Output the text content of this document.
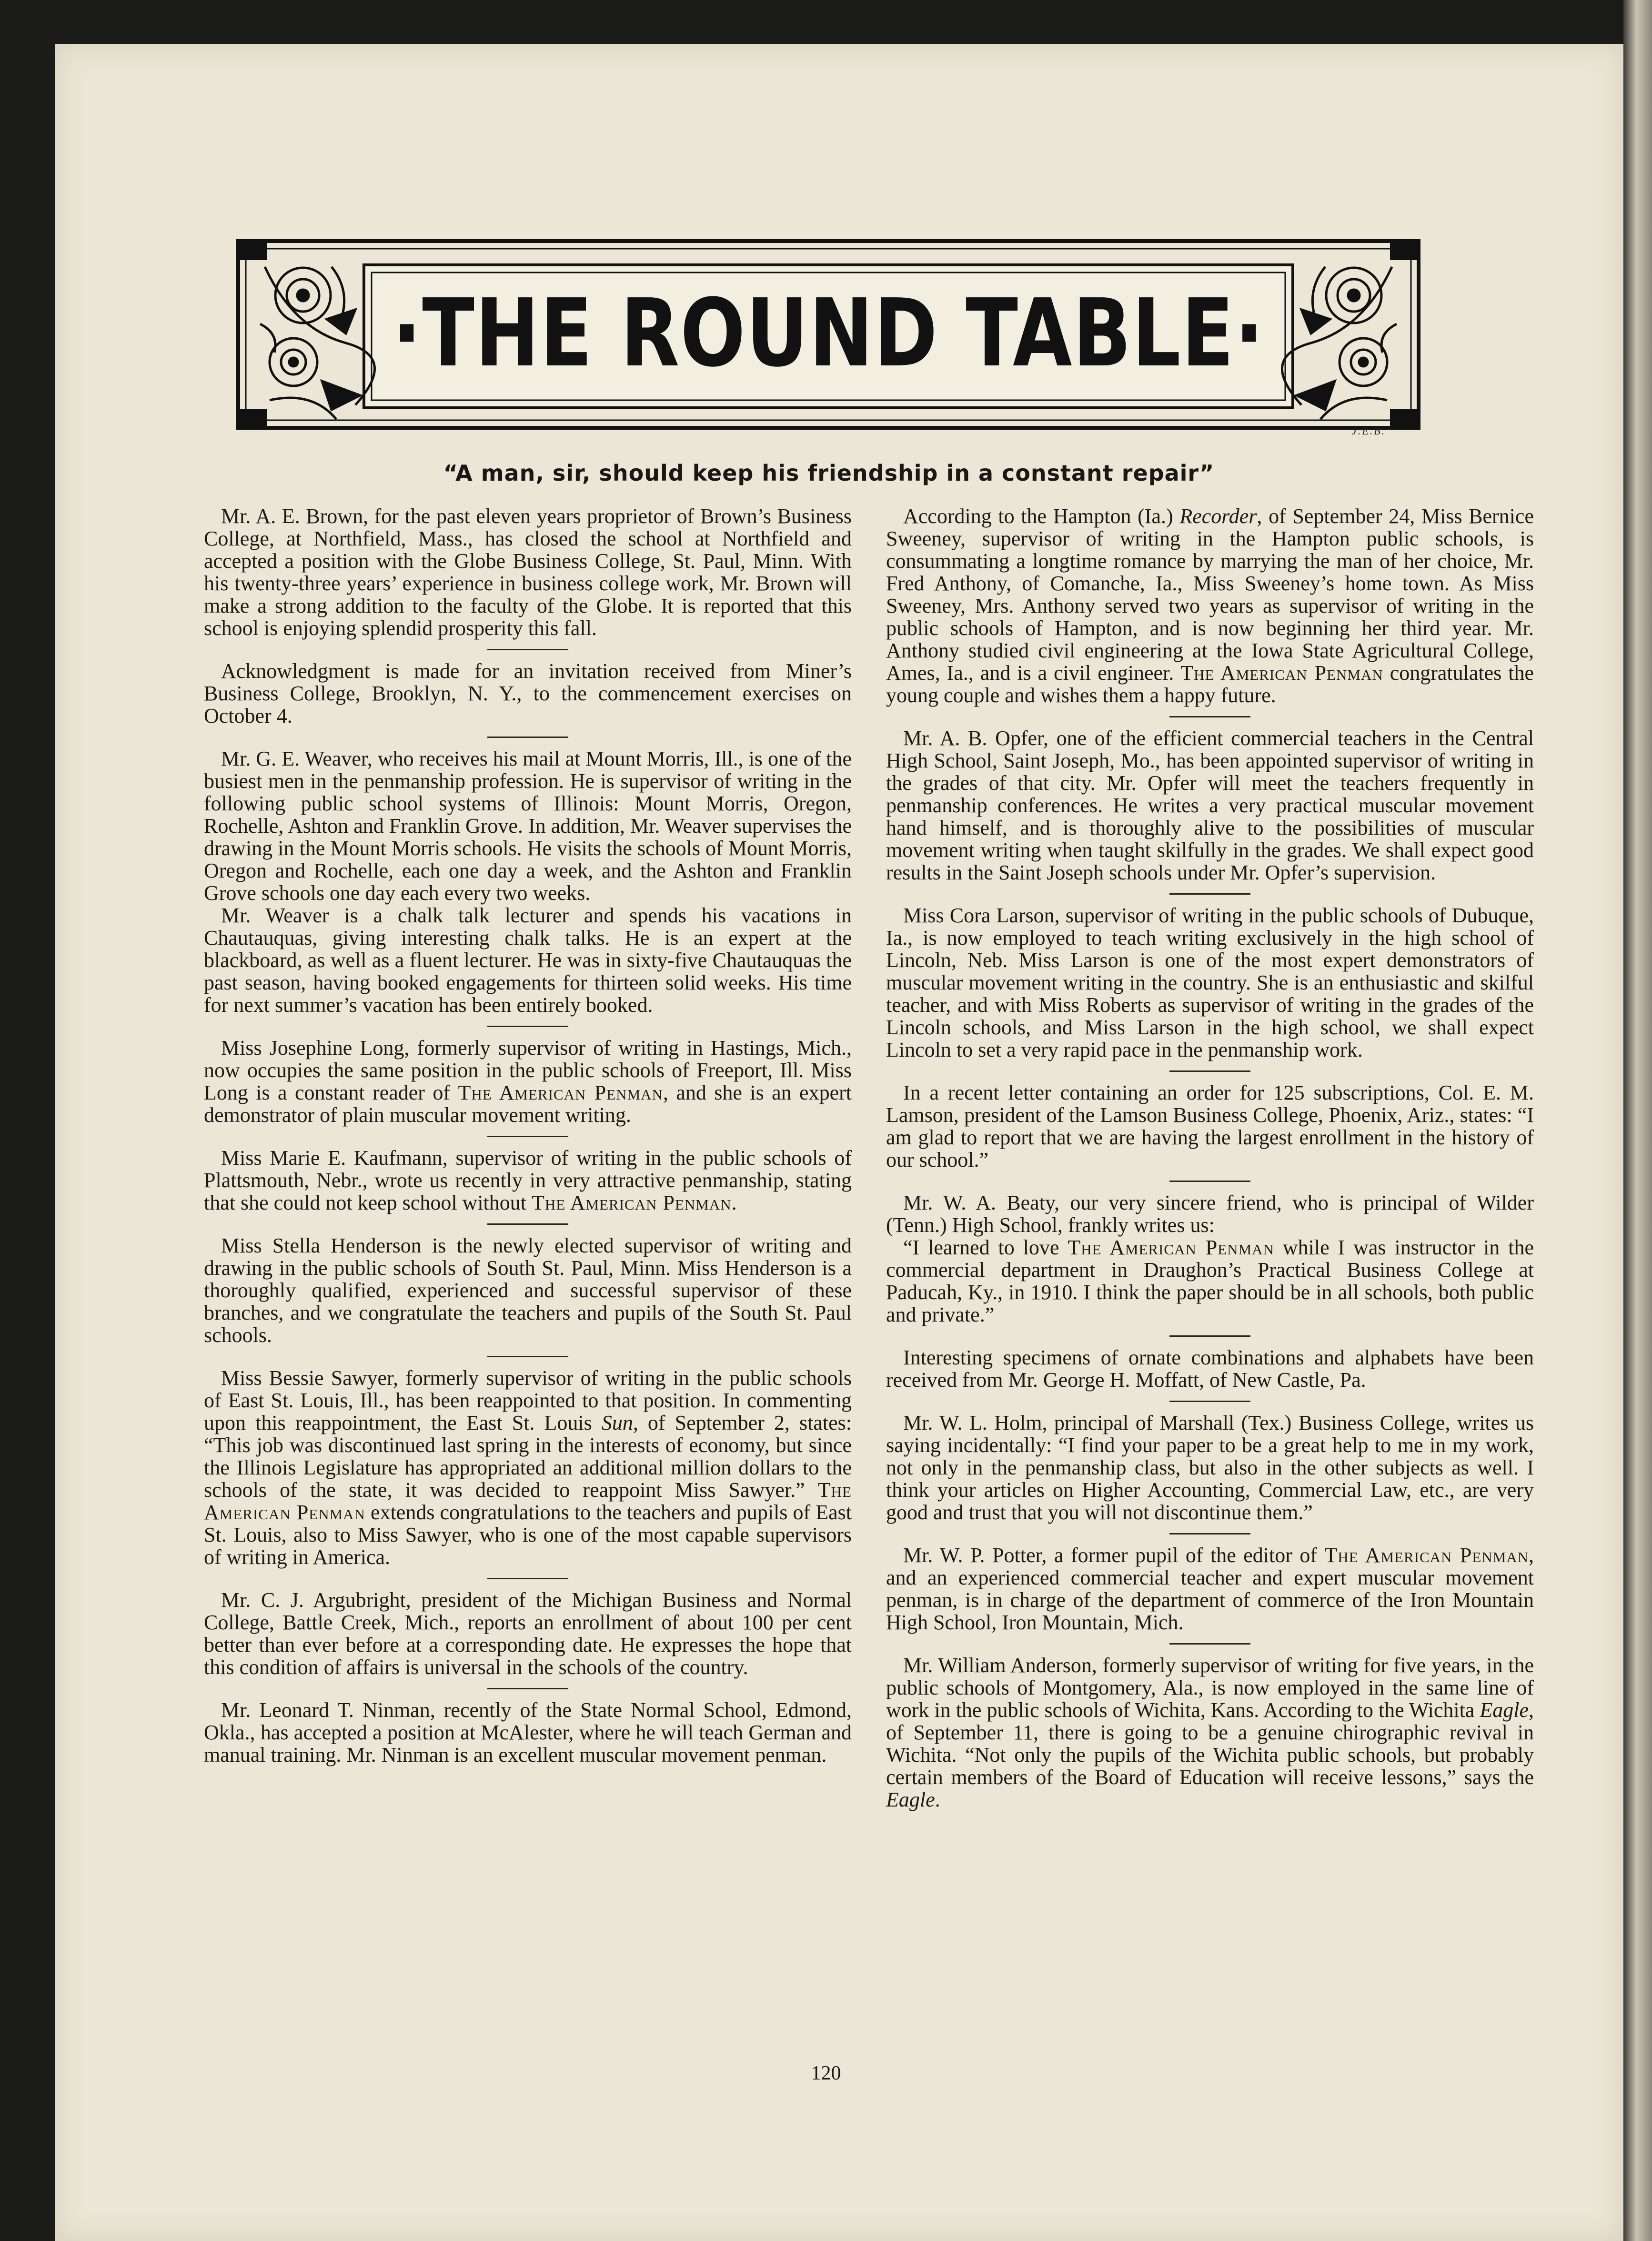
·THE ROUND TABLE·
J.E.B.
“A man, sir, should keep his friendship in a constant repair”

Mr. A. E. Brown, for the past eleven years proprietor of Brown’s Business College, at Northfield, Mass., has closed the school at Northfield and accepted a position with the Globe Business College, St. Paul, Minn. With his twenty-three years’ experience in business college work, Mr. Brown will make a strong addition to the faculty of the Globe. It is reported that this school is enjoying splendid prosperity this fall.

Acknowledgment is made for an invitation received from Miner’s Business College, Brooklyn, N. Y., to the commencement exercises on October 4.

Mr. G. E. Weaver, who receives his mail at Mount Morris, Ill., is one of the busiest men in the penmanship profession. He is supervisor of writing in the following public school systems of Illinois: Mount Morris, Oregon, Rochelle, Ashton and Franklin Grove. In addition, Mr. Weaver supervises the drawing in the Mount Morris schools. He visits the schools of Mount Morris, Oregon and Rochelle, each one day a week, and the Ashton and Franklin Grove schools one day each every two weeks.

Mr. Weaver is a chalk talk lecturer and spends his vacations in Chautauquas, giving interesting chalk talks. He is an expert at the blackboard, as well as a fluent lecturer. He was in sixty-five Chautauquas the past season, having booked engagements for thirteen solid weeks. His time for next summer’s vacation has been entirely booked.

Miss Josephine Long, formerly supervisor of writing in Hastings, Mich., now occupies the same position in the public schools of Freeport, Ill. Miss Long is a constant reader of The American Penman, and she is an expert demonstrator of plain muscular movement writing.

Miss Marie E. Kaufmann, supervisor of writing in the public schools of Plattsmouth, Nebr., wrote us recently in very attractive penmanship, stating that she could not keep school without The American Penman.

Miss Stella Henderson is the newly elected supervisor of writing and drawing in the public schools of South St. Paul, Minn. Miss Henderson is a thoroughly qualified, experienced and successful supervisor of these branches, and we congratulate the teachers and pupils of the South St. Paul schools.

Miss Bessie Sawyer, formerly supervisor of writing in the public schools of East St. Louis, Ill., has been reappointed to that position. In commenting upon this reappointment, the East St. Louis Sun, of September 2, states: “This job was discontinued last spring in the interests of economy, but since the Illinois Legislature has appropriated an additional million dollars to the schools of the state, it was decided to reappoint Miss Sawyer.” The American Penman extends congratulations to the teachers and pupils of East St. Louis, also to Miss Sawyer, who is one of the most capable supervisors of writing in America.

Mr. C. J. Argubright, president of the Michigan Business and Normal College, Battle Creek, Mich., reports an enrollment of about 100 per cent better than ever before at a corresponding date. He expresses the hope that this condition of affairs is universal in the schools of the country.

Mr. Leonard T. Ninman, recently of the State Normal School, Edmond, Okla., has accepted a position at McAlester, where he will teach German and manual training. Mr. Ninman is an excellent muscular movement penman.

According to the Hampton (Ia.) Recorder, of September 24, Miss Bernice Sweeney, supervisor of writing in the Hampton public schools, is consummating a longtime romance by marrying the man of her choice, Mr. Fred Anthony, of Comanche, Ia., Miss Sweeney’s home town. As Miss Sweeney, Mrs. Anthony served two years as supervisor of writing in the public schools of Hampton, and is now beginning her third year. Mr. Anthony studied civil engineering at the Iowa State Agricultural College, Ames, Ia., and is a civil engineer. The American Penman congratulates the young couple and wishes them a happy future.

Mr. A. B. Opfer, one of the efficient commercial teachers in the Central High School, Saint Joseph, Mo., has been appointed supervisor of writing in the grades of that city. Mr. Opfer will meet the teachers frequently in penmanship conferences. He writes a very practical muscular movement hand himself, and is thoroughly alive to the possibilities of muscular movement writing when taught skilfully in the grades. We shall expect good results in the Saint Joseph schools under Mr. Opfer’s supervision.

Miss Cora Larson, supervisor of writing in the public schools of Dubuque, Ia., is now employed to teach writing exclusively in the high school of Lincoln, Neb. Miss Larson is one of the most expert demonstrators of muscular movement writing in the country. She is an enthusiastic and skilful teacher, and with Miss Roberts as supervisor of writing in the grades of the Lincoln schools, and Miss Larson in the high school, we shall expect Lincoln to set a very rapid pace in the penmanship work.

In a recent letter containing an order for 125 subscriptions, Col. E. M. Lamson, president of the Lamson Business College, Phoenix, Ariz., states: “I am glad to report that we are having the largest enrollment in the history of our school.”

Mr. W. A. Beaty, our very sincere friend, who is principal of Wilder (Tenn.) High School, frankly writes us:

“I learned to love The American Penman while I was instructor in the commercial department in Draughon’s Practical Business College at Paducah, Ky., in 1910. I think the paper should be in all schools, both public and private.”

Interesting specimens of ornate combinations and alphabets have been received from Mr. George H. Moffatt, of New Castle, Pa.

Mr. W. L. Holm, principal of Marshall (Tex.) Business College, writes us saying incidentally: “I find your paper to be a great help to me in my work, not only in the penmanship class, but also in the other subjects as well. I think your articles on Higher Accounting, Commercial Law, etc., are very good and trust that you will not discontinue them.”

Mr. W. P. Potter, a former pupil of the editor of The American Penman, and an experienced commercial teacher and expert muscular movement penman, is in charge of the department of commerce of the Iron Mountain High School, Iron Mountain, Mich.

Mr. William Anderson, formerly supervisor of writing for five years, in the public schools of Montgomery, Ala., is now employed in the same line of work in the public schools of Wichita, Kans. According to the Wichita Eagle, of September 11, there is going to be a genuine chirographic revival in Wichita. “Not only the pupils of the Wichita public schools, but probably certain members of the Board of Education will receive lessons,” says the Eagle.

120
